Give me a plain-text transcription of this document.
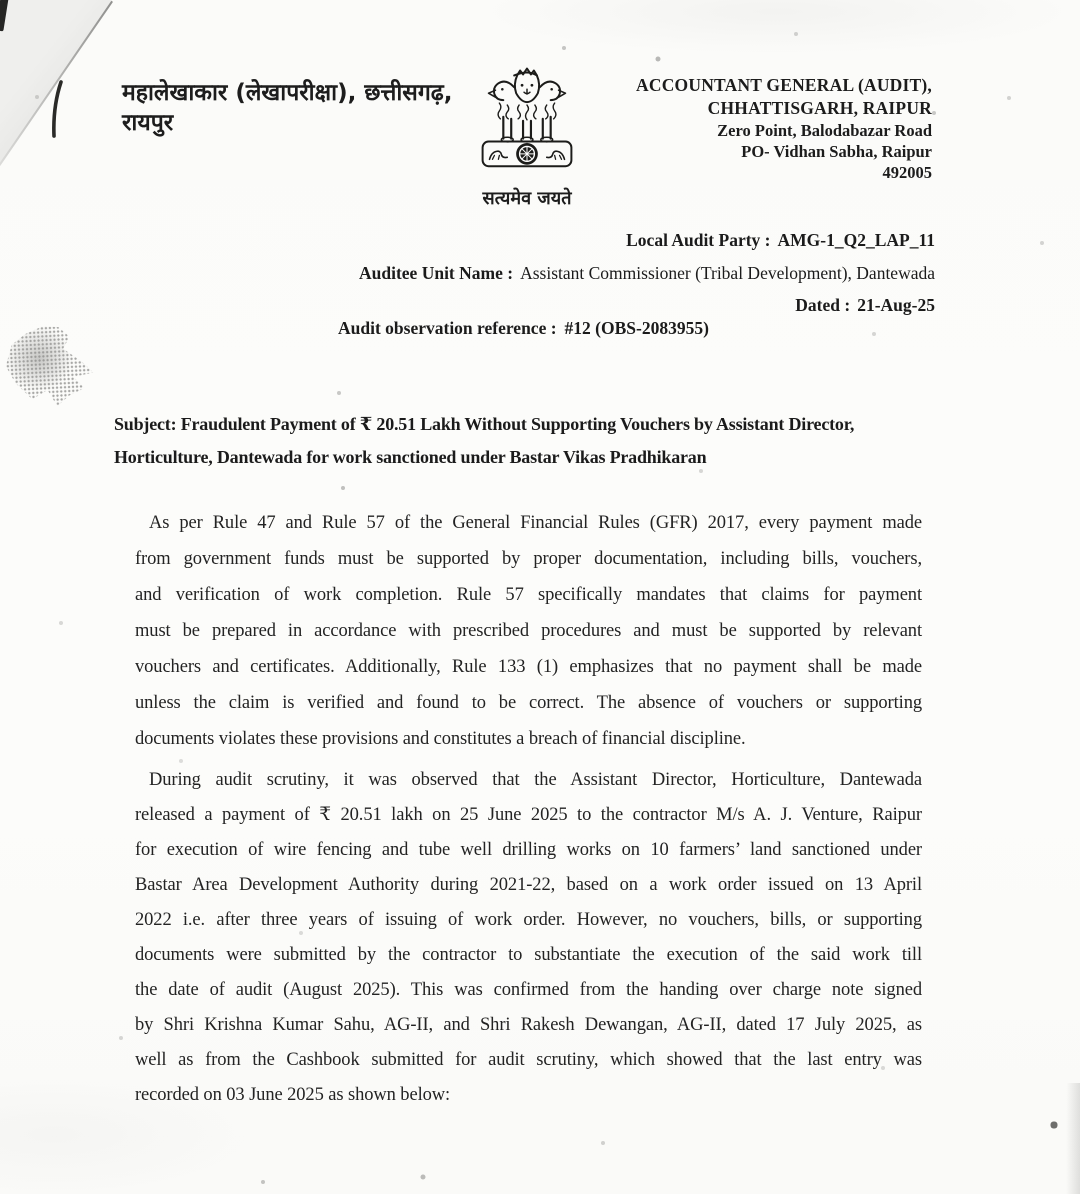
महालेखाकार (लेखापरीक्षा), छत्तीसगढ़, रायपुर
सत्यमेव जयते
ACCOUNTANT GENERAL (AUDIT),
CHHATTISGARH, RAIPUR
Zero Point, Balodabazar Road
PO- Vidhan Sabha, Raipur
492005
Local Audit Party : AMG-1_Q2_LAP_11
Auditee Unit Name : Assistant Commissioner (Tribal Development), Dantewada
Dated : 21-Aug-25
Audit observation reference : #12 (OBS-2083955)
Subject: Fraudulent Payment of ₹ 20.51 Lakh Without Supporting Vouchers by Assistant Director,
Horticulture, Dantewada for work sanctioned under Bastar Vikas Pradhikaran
As per Rule 47 and Rule 57 of the General Financial Rules (GFR) 2017, every payment made
from government funds must be supported by proper documentation, including bills, vouchers,
and verification of work completion. Rule 57 specifically mandates that claims for payment
must be prepared in accordance with prescribed procedures and must be supported by relevant
vouchers and certificates. Additionally, Rule 133 (1) emphasizes that no payment shall be made
unless the claim is verified and found to be correct. The absence of vouchers or supporting
documents violates these provisions and constitutes a breach of financial discipline.
During audit scrutiny, it was observed that the Assistant Director, Horticulture, Dantewada
released a payment of ₹ 20.51 lakh on 25 June 2025 to the contractor M/s A. J. Venture, Raipur
for execution of wire fencing and tube well drilling works on 10 farmers’ land sanctioned under
Bastar Area Development Authority during 2021-22, based on a work order issued on 13 April
2022 i.e. after three years of issuing of work order. However, no vouchers, bills, or supporting
documents were submitted by the contractor to substantiate the execution of the said work till
the date of audit (August 2025). This was confirmed from the handing over charge note signed
by Shri Krishna Kumar Sahu, AG-II, and Shri Rakesh Dewangan, AG-II, dated 17 July 2025, as
well as from the Cashbook submitted for audit scrutiny, which showed that the last entry was
recorded on 03 June 2025 as shown below:
